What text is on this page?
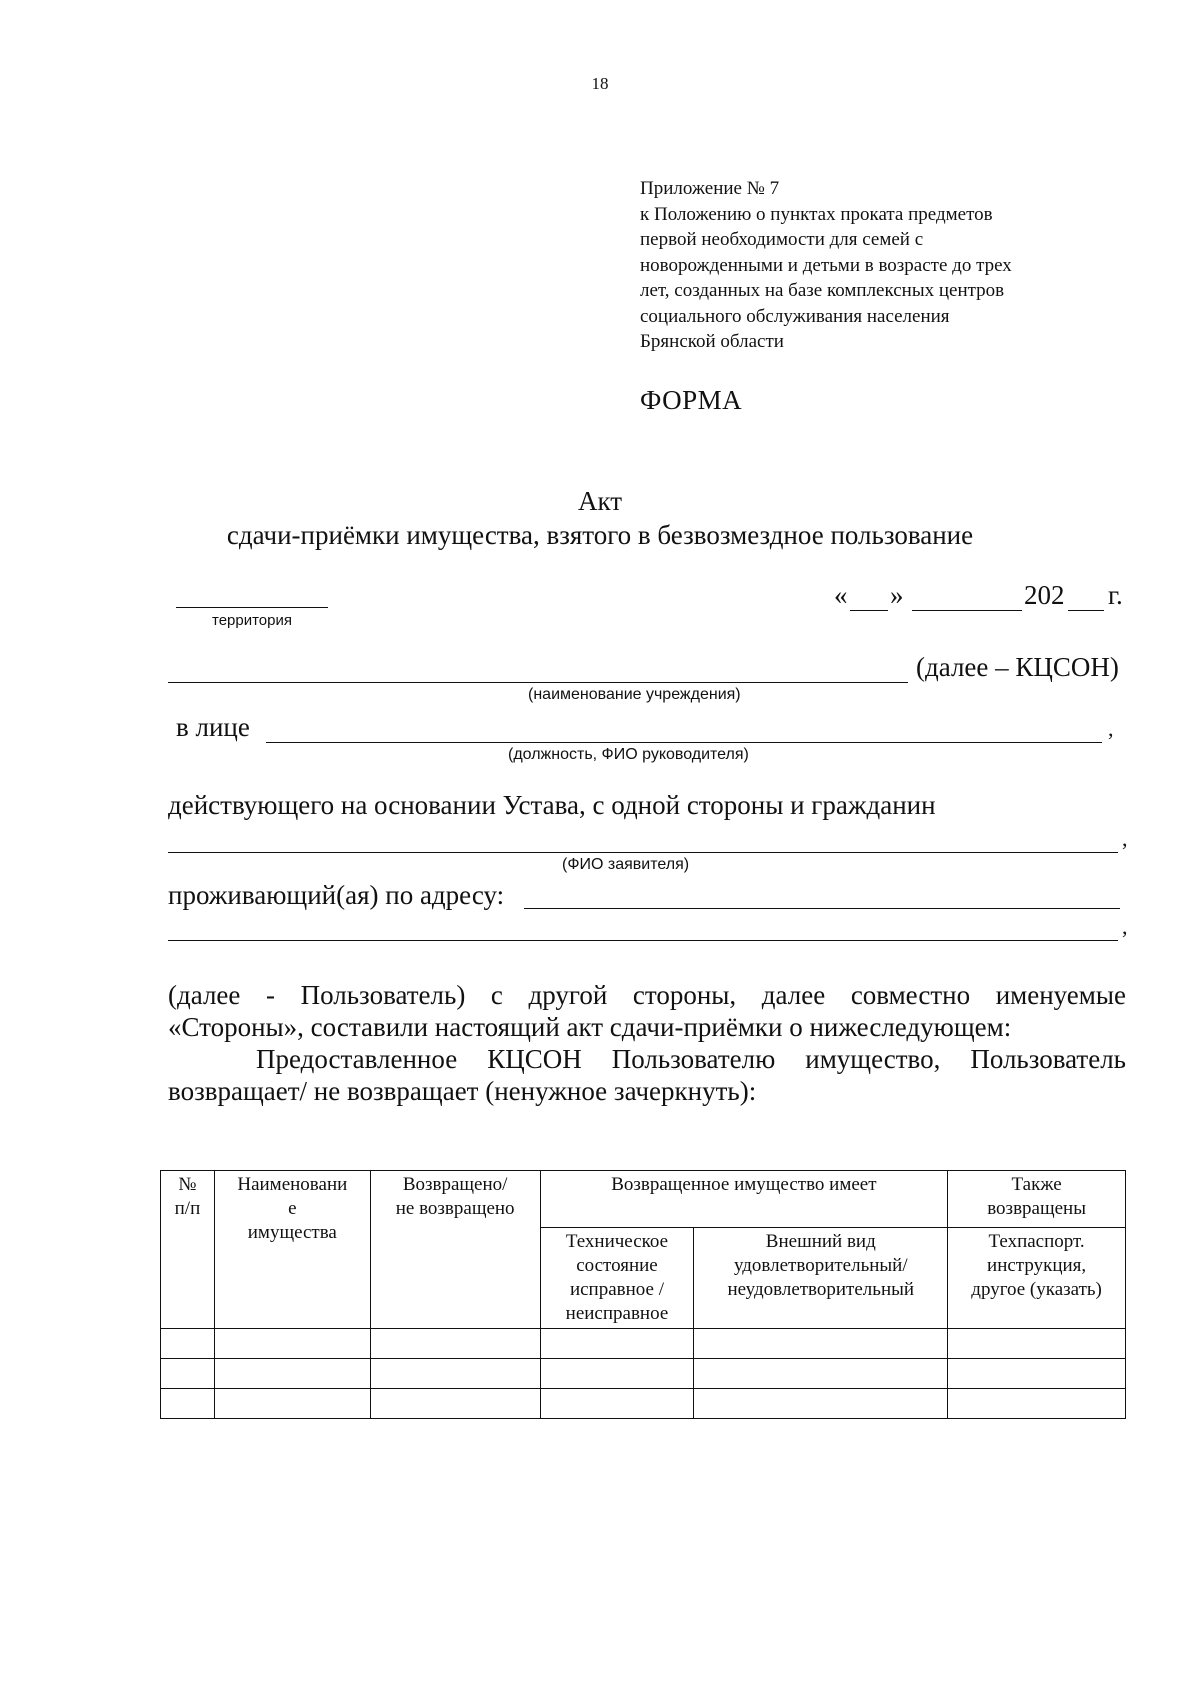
18
Приложение № 7
к Положению о пунктах проката предметов
первой необходимости для семей с
новорожденными и детьми в возрасте до трех
лет, созданных на базе комплексных центров
социального обслуживания населения
Брянской области
ФОРМА
Акт
сдачи-приёмки имущества, взятого в безвозмездное пользование
территория
« »	202 г.
(далее – КЦСОН)
(наименование учреждения)
в лице	,
(должность, ФИО руководителя)
действующего на основании Устава, с одной стороны и гражданин
,
(ФИО заявителя)
проживающий(ая) по адресу:
,
(далее - Пользователь) с другой стороны, далее совместно именуемые
«Стороны», составили настоящий акт сдачи-приёмки о нижеследующем:
Предоставленное КЦСОН Пользователю имущество, Пользователь
возвращает/ не возвращает (ненужное зачеркнуть):
№
п/п	Наименовани
е
имущества	Возвращено/
не возвращено	Возвращенное имущество имеет		Также
возвращены
			Техническое
состояние
исправное /
неисправное	Внешний вид
удовлетворительный/
неудовлетворительный	Техпаспорт.
инструкция,
другое (указать)
